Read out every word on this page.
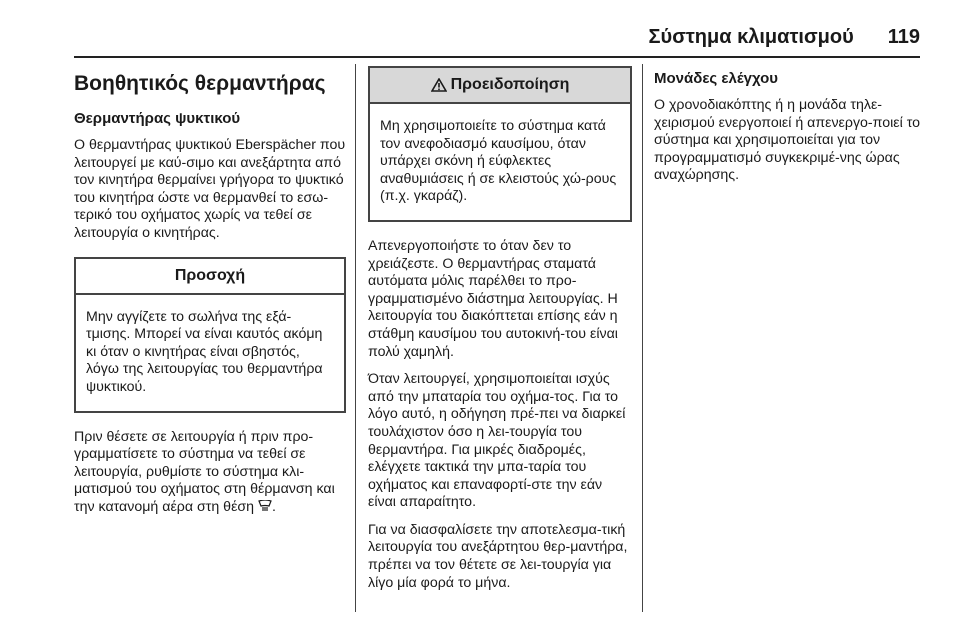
Σύστημα κλιματισμού 119
Βοηθητικός θερμαντήρας
Θερμαντήρας ψυκτικού

Ο θερμαντήρας ψυκτικού Eberspächer που λειτουργεί με καύ-σιμο και ανεξάρτητα από τον κινητήρα θερμαίνει γρήγορα το ψυκτικό του κινητήρα ώστε να θερμανθεί το εσω-τερικό του οχήματος χωρίς να τεθεί σε λειτουργία ο κινητήρας.

Προσοχή

Μην αγγίζετε το σωλήνα της εξά-τμισης. Μπορεί να είναι καυτός ακόμη κι όταν ο κινητήρας είναι σβηστός, λόγω της λειτουργίας του θερμαντήρα ψυκτικού.

Πριν θέσετε σε λειτουργία ή πριν προ-γραμματίσετε το σύστημα να τεθεί σε λειτουργία, ρυθμίστε το σύστημα κλι-ματισμού του οχήματος στη θέρμανση και την κατανομή αέρα στη θέση .

Προειδοποίηση

Μη χρησιμοποιείτε το σύστημα κατά τον ανεφοδιασμό καυσίμου, όταν υπάρχει σκόνη ή εύφλεκτες αναθυμιάσεις ή σε κλειστούς χώ-ρους (π.χ. γκαράζ).

Απενεργοποιήστε το όταν δεν το χρειάζεστε. Ο θερμαντήρας σταματά αυτόματα μόλις παρέλθει το προ-γραμματισμένο διάστημα λειτουργίας. Η λειτουργία του διακόπτεται επίσης εάν η στάθμη καυσίμου του αυτοκινή-του είναι πολύ χαμηλή.

Όταν λειτουργεί, χρησιμοποιείται ισχύς από την μπαταρία του οχήμα-τος. Για το λόγο αυτό, η οδήγηση πρέ-πει να διαρκεί τουλάχιστον όσο η λει-τουργία του θερμαντήρα. Για μικρές διαδρομές, ελέγχετε τακτικά την μπα-ταρία του οχήματος και επαναφορτί-στε την εάν είναι απαραίτητο.

Για να διασφαλίσετε την αποτελεσμα-τική λειτουργία του ανεξάρτητου θερ-μαντήρα, πρέπει να τον θέτετε σε λει-τουργία για λίγο μία φορά το μήνα.

Μονάδες ελέγχου

Ο χρονοδιακόπτης ή η μονάδα τηλε-χειρισμού ενεργοποιεί ή απενεργο-ποιεί το σύστημα και χρησιμοποιείται για τον προγραμματισμό συγκεκριμέ-νης ώρας αναχώρησης.
